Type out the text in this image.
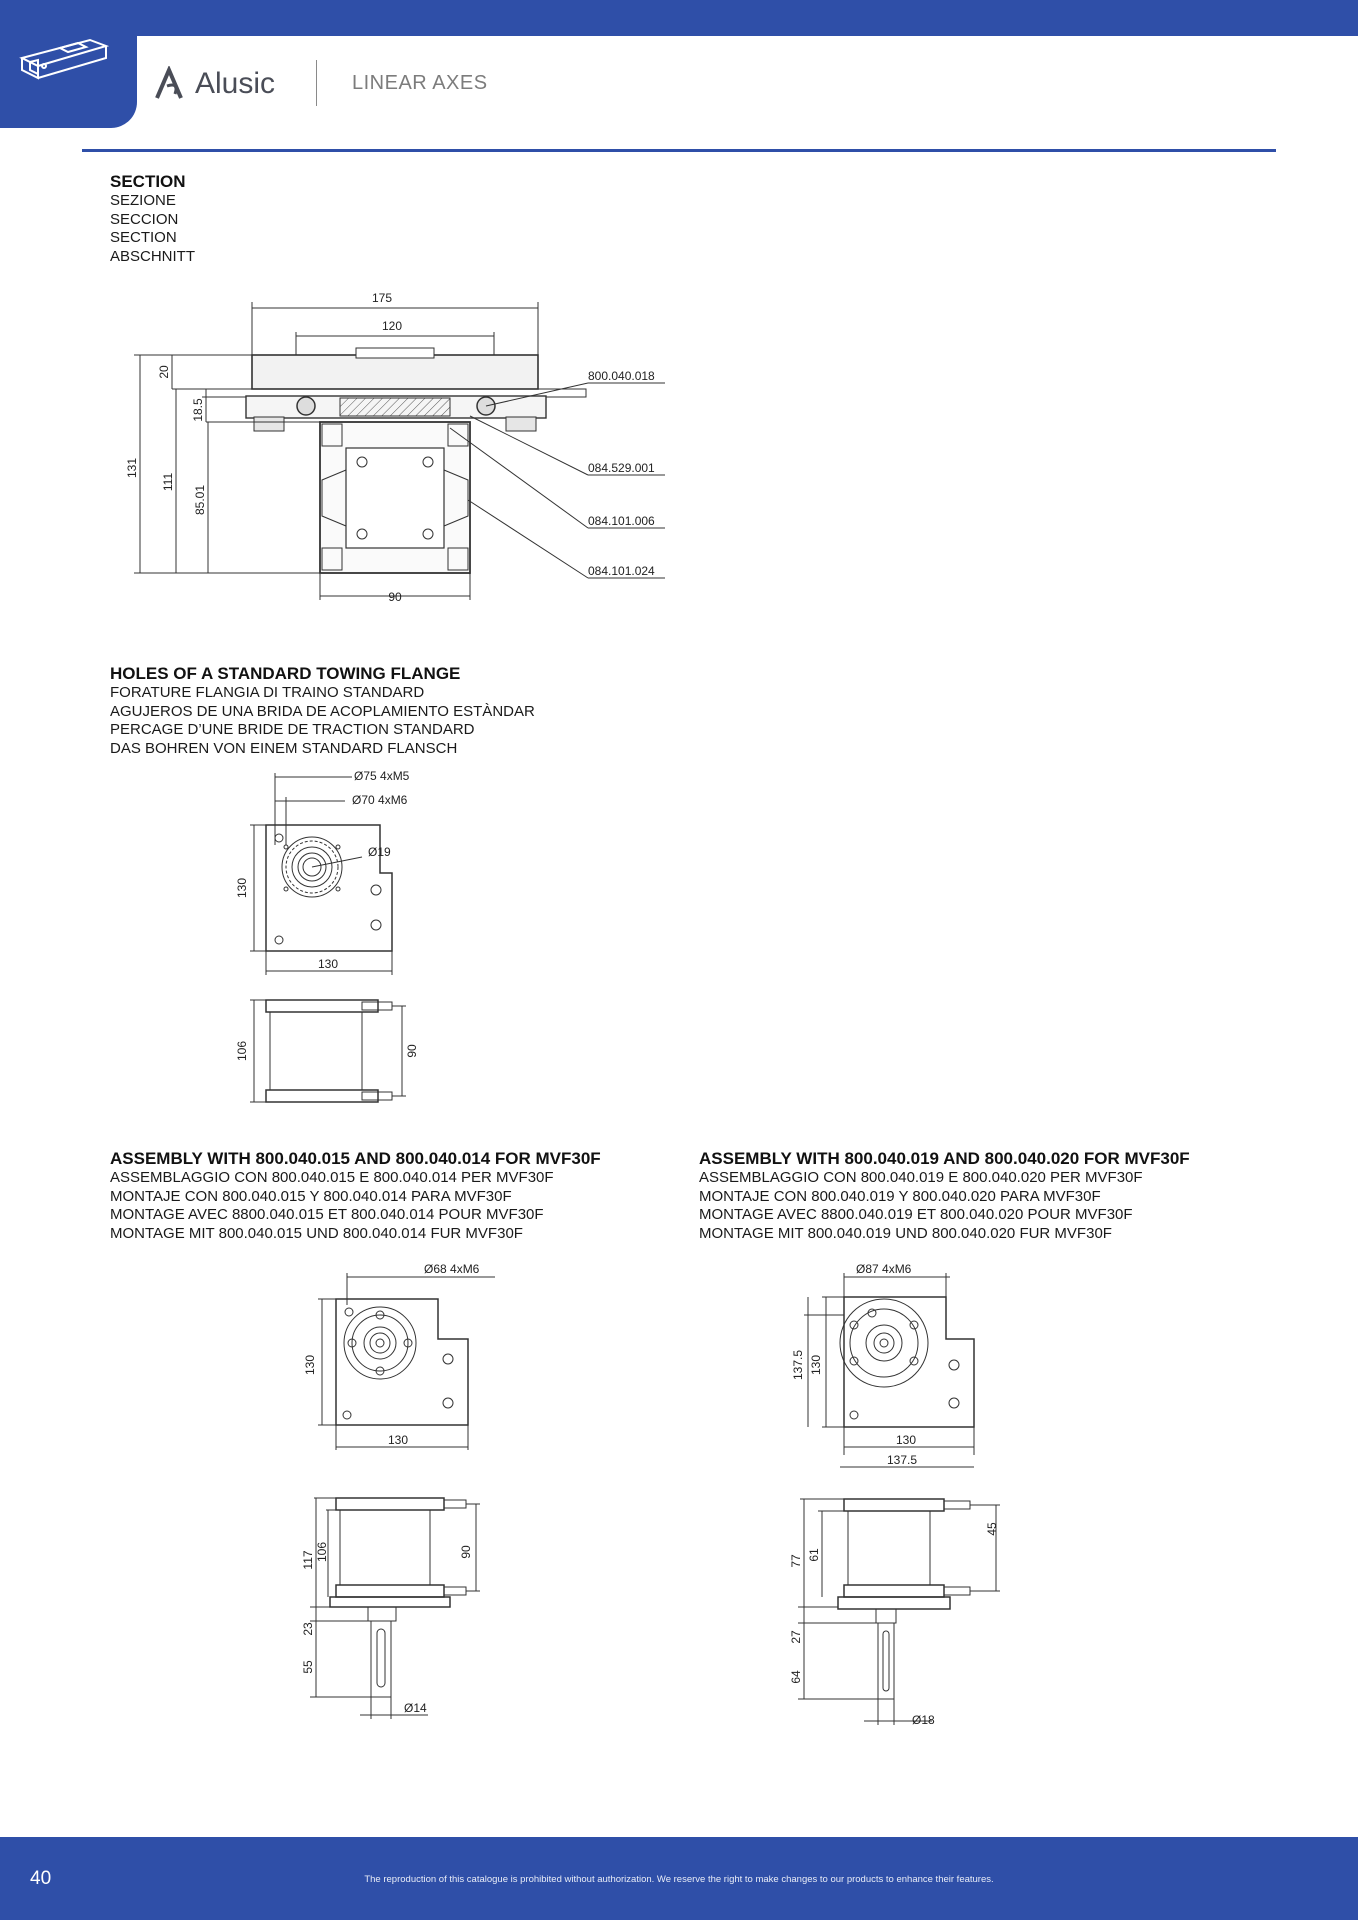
Alusic	LINEAR AXES
SECTION
SEZIONE
SECCION
SECTION
ABSCHNITT
175
120
90
131
111
85.01
20
18.5
800.040.018
084.529.001
084.101.006
084.101.024
HOLES OF A STANDARD TOWING FLANGE
FORATURE FLANGIA DI TRAINO STANDARD
AGUJEROS DE UNA BRIDA DE ACOPLAMIENTO ESTÀNDAR
PERCAGE D’UNE BRIDE DE TRACTION STANDARD
DAS BOHREN VON EINEM STANDARD FLANSCH
Ø75 4xM5
Ø70 4xM6
Ø19
130
130
106	90
ASSEMBLY WITH 800.040.015 AND 800.040.014 FOR MVF30F
ASSEMBLAGGIO CON 800.040.015 E 800.040.014 PER MVF30F
MONTAJE CON 800.040.015 Y 800.040.014 PARA MVF30F
MONTAGE AVEC 8800.040.015 ET 800.040.014 POUR MVF30F
MONTAGE MIT 800.040.015 UND 800.040.014 FUR MVF30F
Ø68 4xM6
130
130
117 106	90
23
55
Ø14
ASSEMBLY WITH 800.040.019 AND 800.040.020 FOR MVF30F
ASSEMBLAGGIO CON 800.040.019 E 800.040.020 PER MVF30F
MONTAJE CON 800.040.019 Y 800.040.020 PARA MVF30F
MONTAGE AVEC 8800.040.019 ET 800.040.020 POUR MVF30F
MONTAGE MIT 800.040.019 UND 800.040.020 FUR MVF30F
Ø87 4xM6
137.5 130
130
137.5
77 61
45
27
64
Ø18
40	The reproduction of this catalogue is prohibited without authorization. We reserve the right to make changes to our products to enhance their features.
